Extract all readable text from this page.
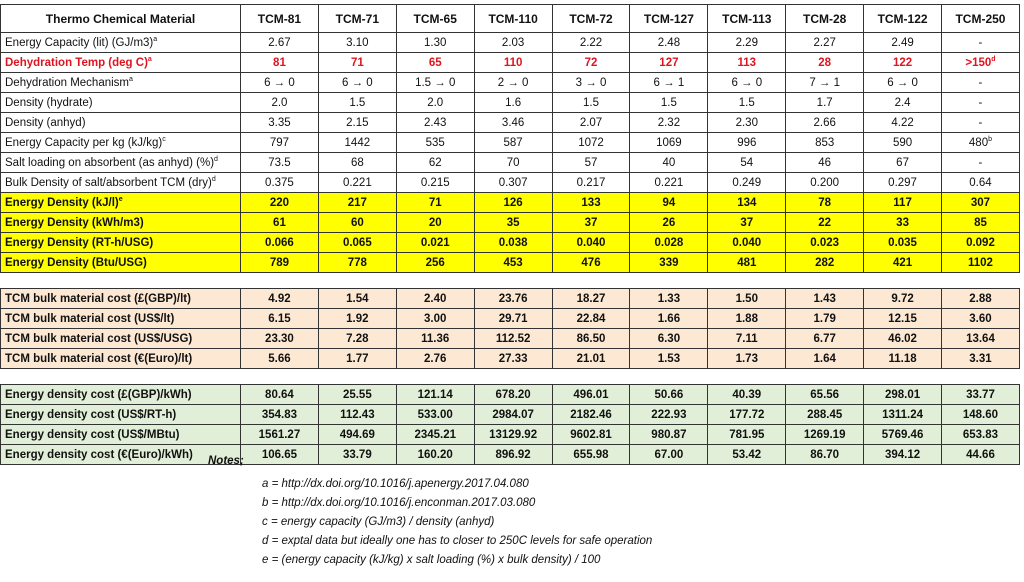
Thermo Chemical Material	TCM-81	TCM-71	TCM-65	TCM-110	TCM-72	TCM-127	TCM-113	TCM-28	TCM-122	TCM-250
Energy Capacity (lit) $(GJ/m3)^a$	2.67	3.10	1.30	2.03	2.22	2.48	2.29	2.27	2.49	-
Dehydration Temp (deg C)$^a$	81	71	65	110	72	127	113	28	122	$>150^d$
Dehydration Mechanism$^a$	6 → 0	6 → 0	1.5 → 0	2 → 0	3 → 0	6 → 1	6 → 0	7 → 1	6 → 0	-
Density (hydrate)	2.0	1.5	2.0	1.6	1.5	1.5	1.5	1.7	2.4	-
Density (anhyd)	3.35	2.15	2.43	3.46	2.07	2.32	2.30	2.66	4.22	-
Energy Capacity per kg $(kJ/kg)^c$	797	1442	535	587	1072	1069	996	853	590	480$^b$
Salt loading on absorbent (as anhyd) (%)$^d$	73.5	68	62	70	57	40	54	46	67	-
Bulk Density of salt/absorbent TCM (dry)$^d$	0.375	0.221	0.215	0.307	0.217	0.221	0.249	0.200	0.297	0.64
Energy Density $(kJ/l)^e$	220	217	71	126	133	94	134	78	117	307
Energy Density (kWh/m3)	61	60	20	35	37	26	37	22	33	85
Energy Density (RT-h/USG)	0.066	0.065	0.021	0.038	0.040	0.028	0.040	0.023	0.035	0.092
Energy Density (Btu/USG)	789	778	256	453	476	339	481	282	421	1102

TCM bulk material cost (£(GBP)/lt)	4.92	1.54	2.40	23.76	18.27	1.33	1.50	1.43	9.72	2.88
TCM bulk material cost (US$/lt)	6.15	1.92	3.00	29.71	22.84	1.66	1.88	1.79	12.15	3.60
TCM bulk material cost (US$/USG)	23.30	7.28	11.36	112.52	86.50	6.30	7.11	6.77	46.02	13.64
TCM bulk material cost (€(Euro)/lt)	5.66	1.77	2.76	27.33	21.01	1.53	1.73	1.64	11.18	3.31

Energy density cost (£(GBP)/kWh)	80.64	25.55	121.14	678.20	496.01	50.66	40.39	65.56	298.01	33.77
Energy density cost (US$/RT-h)	354.83	112.43	533.00	2984.07	2182.46	222.93	177.72	288.45	1311.24	148.60
Energy density cost (US$/MBtu)	1561.27	494.69	2345.21	13129.92	9602.81	980.87	781.95	1269.19	5769.46	653.83
Energy density cost (€(Euro)/kWh)	106.65	33.79	160.20	896.92	655.98	67.00	53.42	86.70	394.12	44.66
Notes;
a = http://dx.doi.org/10.1016/j.apenergy.2017.04.080
b = http://dx.doi.org/10.1016/j.enconman.2017.03.080
c = energy capacity (GJ/m3) / density (anhyd)
d = exptal data but ideally one has to closer to 250C levels for safe operation
e = (energy capacity (kJ/kg) x salt loading (%) x bulk density) / 100
